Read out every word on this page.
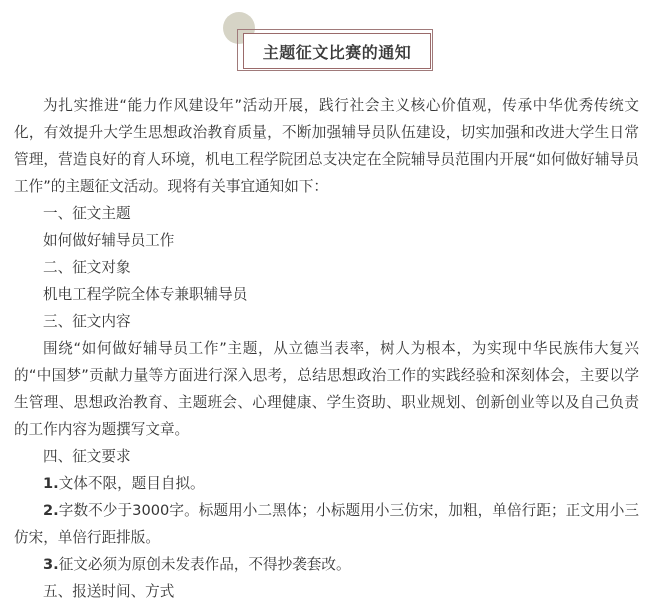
主题征文比赛的通知

为扎实推进“能力作风建设年”活动开展，践行社会主义核心价值观，传承中华优秀传统文化，有效提升大学生思想政治教育质量，不断加强辅导员队伍建设，切实加强和改进大学生日常管理，营造良好的育人环境，机电工程学院团总支决定在全院辅导员范围内开展“如何做好辅导员工作”的主题征文活动。现将有关事宜通知如下：

一、征文主题

如何做好辅导员工作

二、征文对象

机电工程学院全体专兼职辅导员

三、征文内容

围绕“如何做好辅导员工作”主题，从立德当表率，树人为根本，为实现中华民族伟大复兴的“中国梦”贡献力量等方面进行深入思考，总结思想政治工作的实践经验和深刻体会，主要以学生管理、思想政治教育、主题班会、心理健康、学生资助、职业规划、创新创业等以及自己负责的工作内容为题撰写文章。

四、征文要求

1.文体不限，题目自拟。

2.字数不少于3000字。标题用小二黑体；小标题用小三仿宋，加粗，单倍行距；正文用小三仿宋，单倍行距排版。

3.征文必须为原创未发表作品，不得抄袭套改。

五、报送时间、方式
